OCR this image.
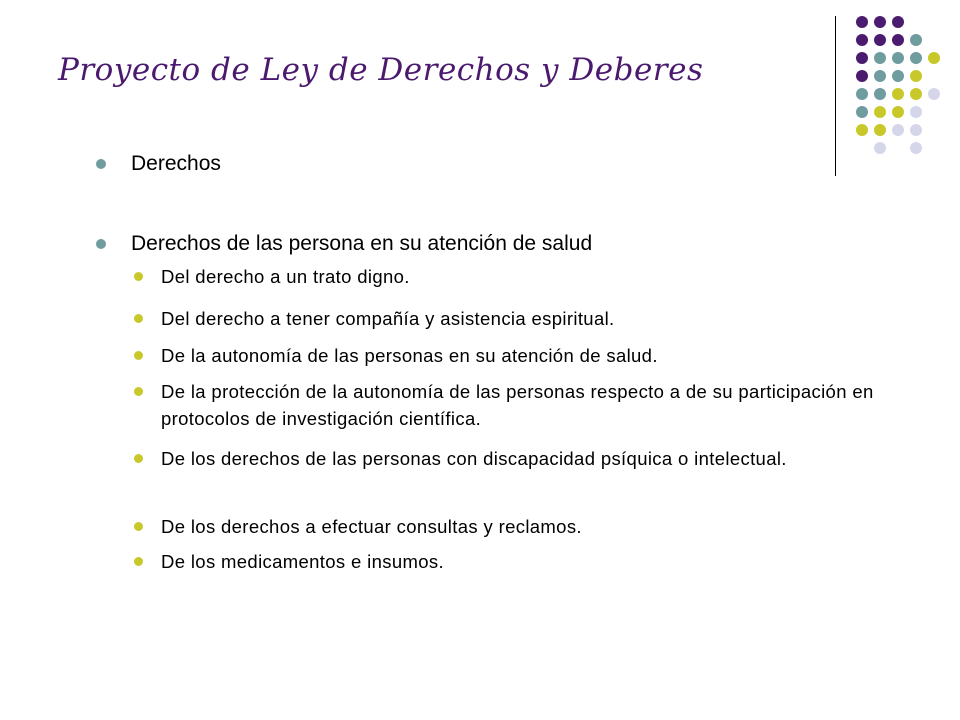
Proyecto de Ley de Derechos y Deberes
Derechos
Derechos de las persona en su atención de salud
Del derecho a un trato digno.
Del derecho a tener compañía y asistencia espiritual.
De la autonomía de las personas en su atención de salud.
De la protección de la autonomía de las personas respecto a de su participación en protocolos de investigación científica.
De los derechos de las personas con discapacidad psíquica o intelectual.
De los derechos a efectuar consultas y reclamos.
De los medicamentos e insumos.
